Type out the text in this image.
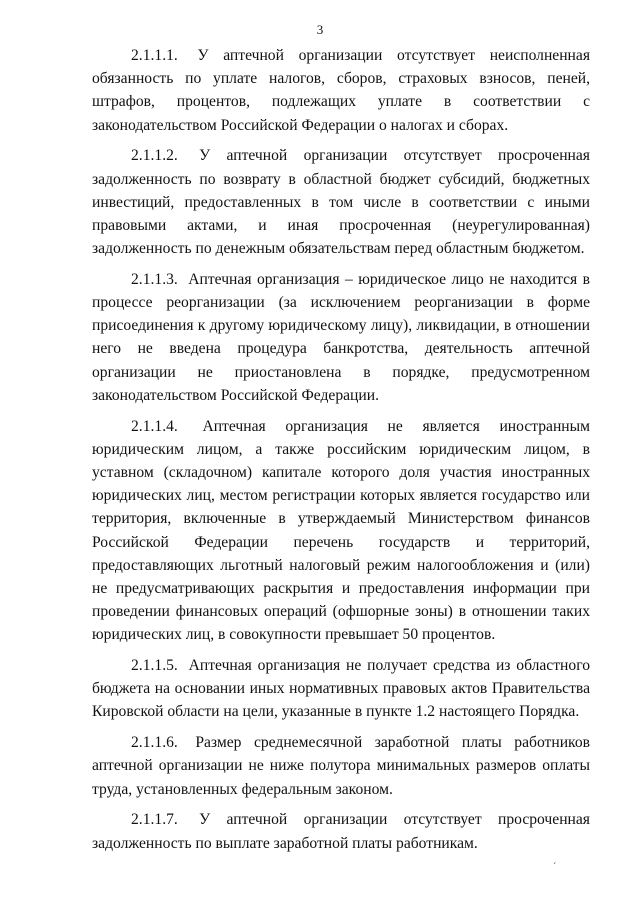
3

2.1.1.1. У аптечной организации отсутствует неисполненная обязанность по уплате налогов, сборов, страховых взносов, пеней, штрафов, процентов, подлежащих уплате в соответствии с законодательством Российской Федерации о налогах и сборах.

2.1.1.2. У аптечной организации отсутствует просроченная задолженность по возврату в областной бюджет субсидий, бюджетных инвестиций, предоставленных в том числе в соответствии с иными правовыми актами, и иная просроченная (неурегулированная) задолженность по денежным обязательствам перед областным бюджетом.

2.1.1.3. Аптечная организация – юридическое лицо не находится в процессе реорганизации (за исключением реорганизации в форме присоединения к другому юридическому лицу), ликвидации, в отношении него не введена процедура банкротства, деятельность аптечной организации не приостановлена в порядке, предусмотренном законодательством Российской Федерации.

2.1.1.4. Аптечная организация не является иностранным юридическим лицом, а также российским юридическим лицом, в уставном (складочном) капитале которого доля участия иностранных юридических лиц, местом регистрации которых является государство или территория, включенные в утверждаемый Министерством финансов Российской Федерации перечень государств и территорий, предоставляющих льготный налоговый режим налогообложения и (или) не предусматривающих раскрытия и предоставления информации при проведении финансовых операций (офшорные зоны) в отношении таких юридических лиц, в совокупности превышает 50 процентов.

2.1.1.5. Аптечная организация не получает средства из областного бюджета на основании иных нормативных правовых актов Правительства Кировской области на цели, указанные в пункте 1.2 настоящего Порядка.

2.1.1.6. Размер среднемесячной заработной платы работников аптечной организации не ниже полутора минимальных размеров оплаты труда, установленных федеральным законом.

2.1.1.7. У аптечной организации отсутствует просроченная задолженность по выплате заработной платы работникам.

´
